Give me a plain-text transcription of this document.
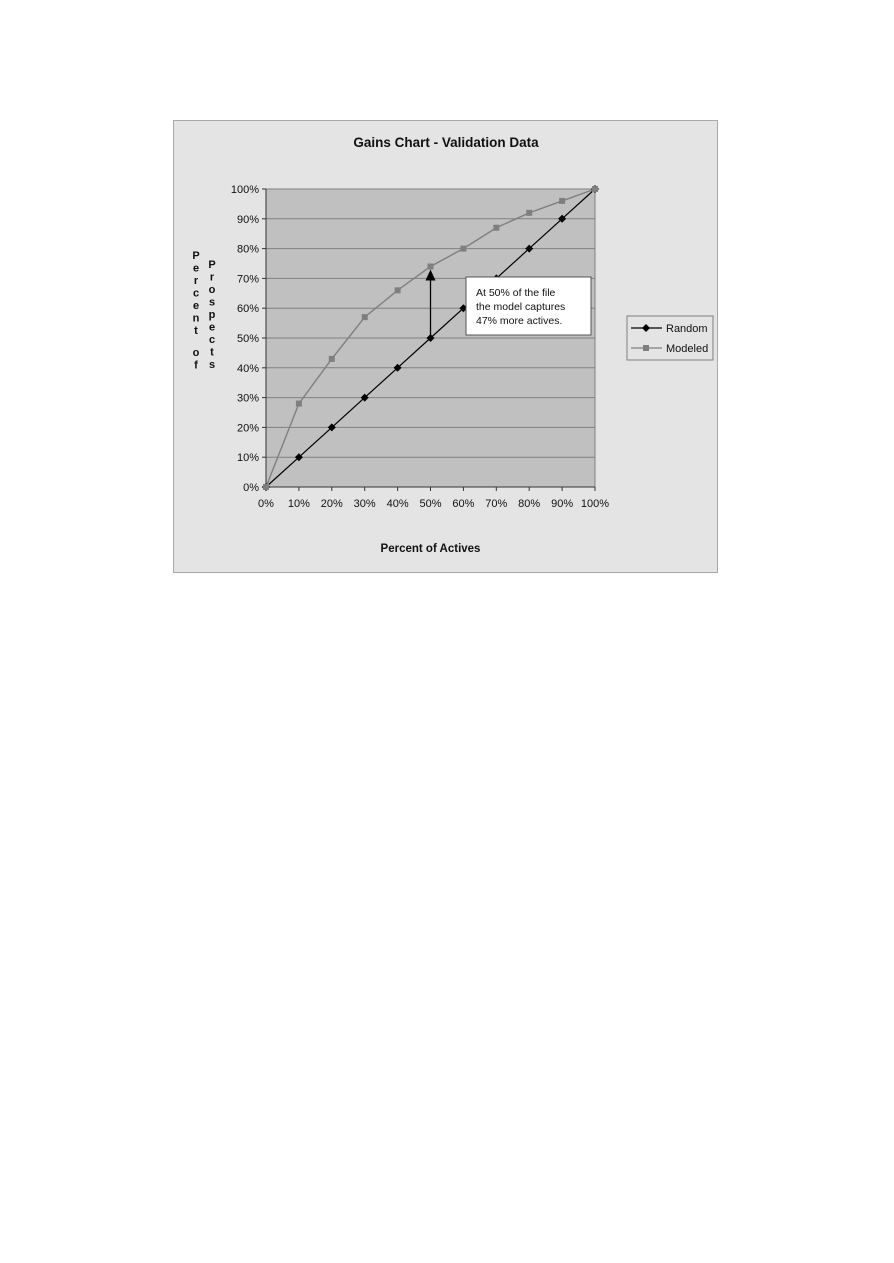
Gains Chart - Validation Data
0%
10%
20%
30%
40%
50%
60%
70%
80%
90%
100%
0% 10% 20% 30% 40% 50% 60% 70% 80% 90% 100%
Percent of Actives
P e r c e n t o f
P r o s p e c t s
At 50% of the file
the model captures
47% more actives.
Random
Modeled
